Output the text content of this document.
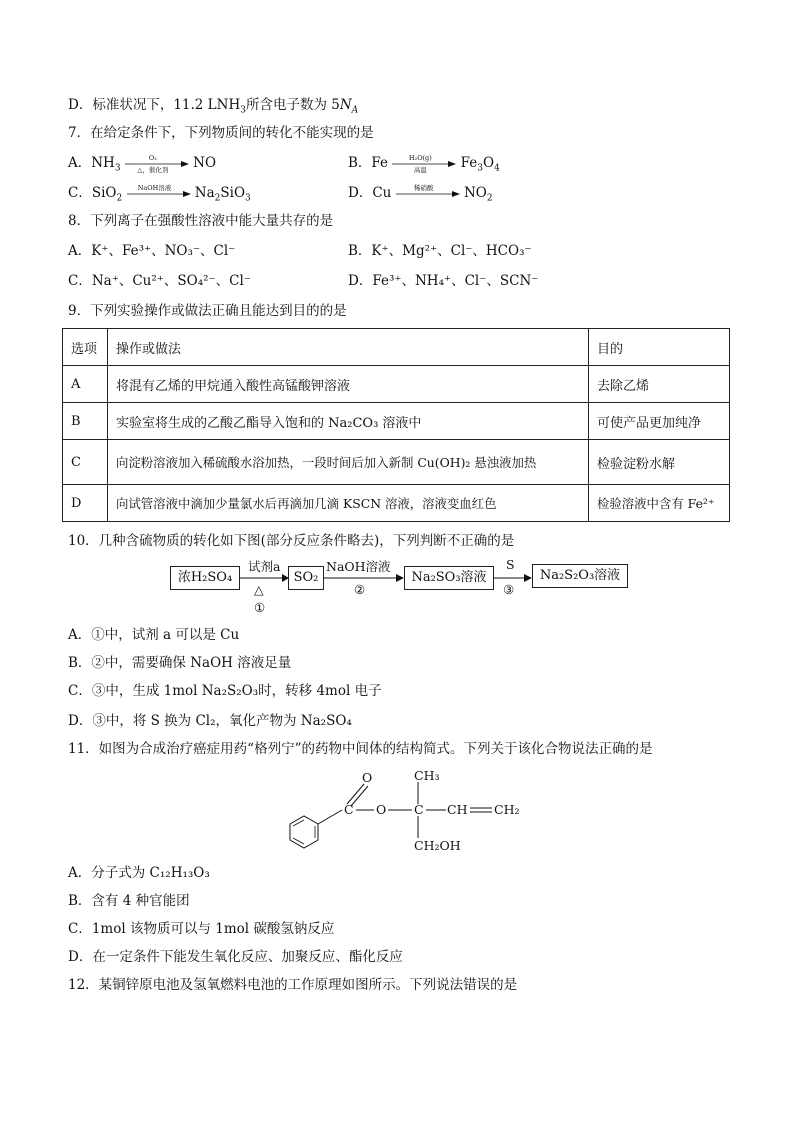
D．标准状况下，11.2 $LNH_3$所含电子数为 $5N_A$
7．在给定条件下，下列物质间的转化不能实现的是
A．$NH_3$
O₂
△，催化剂	NO	B．Fe	H₂O(g)
高温	$Fe_3O_4$
C．SiO$_2$
NaOH溶液	$Na_2SiO_3$	D．Cu	稀硝酸	$NO_2$
8．下列离子在强酸性溶液中能大量共存的是
A．K⁺、Fe³⁺、NO₃⁻、Cl⁻	B．K⁺、Mg²⁺、Cl⁻、HCO₃⁻
C．Na⁺、Cu²⁺、SO₄²⁻、Cl⁻	D．Fe³⁺、NH₄⁺、Cl⁻、SCN⁻
9．下列实验操作或做法正确且能达到目的的是
选项	操作或做法	目的
A	将混有乙烯的甲烷通入酸性高锰酸钾溶液	去除乙烯
B	实验室将生成的乙酸乙酯导入饱和的 Na₂CO₃ 溶液中	可使产品更加纯净
C	向淀粉溶液加入稀硫酸水浴加热，一段时间后加入新制 Cu(OH)₂ 悬浊液加热	检验淀粉水解
D	向试管溶液中滴加少量氯水后再滴加几滴 KSCN 溶液，溶液变血红色	检验溶液中含有 Fe²⁺
10．几种含硫物质的转化如下图(部分反应条件略去)，下列判断不正确的是
浓H₂SO₄
试剂a
△
①
SO₂
NaOH溶液
②
Na₂SO₃溶液
S
③
Na₂S₂O₃溶液
A．①中，试剂 a 可以是 Cu
B．②中，需要确保 NaOH 溶液足量
C．③中，生成 1mol Na₂S₂O₃时，转移 4mol 电子
D．③中，将 S 换为 Cl₂，氧化产物为 Na₂SO₄
11．如图为合成治疗癌症用药“格列宁”的药物中间体的结构简式。下列关于该化合物说法正确的是
O
C O C
CH₃
CH CH₂
CH₂OH
A．分子式为 C₁₂H₁₃O₃
B．含有 4 种官能团
C．1mol 该物质可以与 1mol 碳酸氢钠反应
D．在一定条件下能发生氧化反应、加聚反应、酯化反应
12．某铜锌原电池及氢氧燃料电池的工作原理如图所示。下列说法错误的是
